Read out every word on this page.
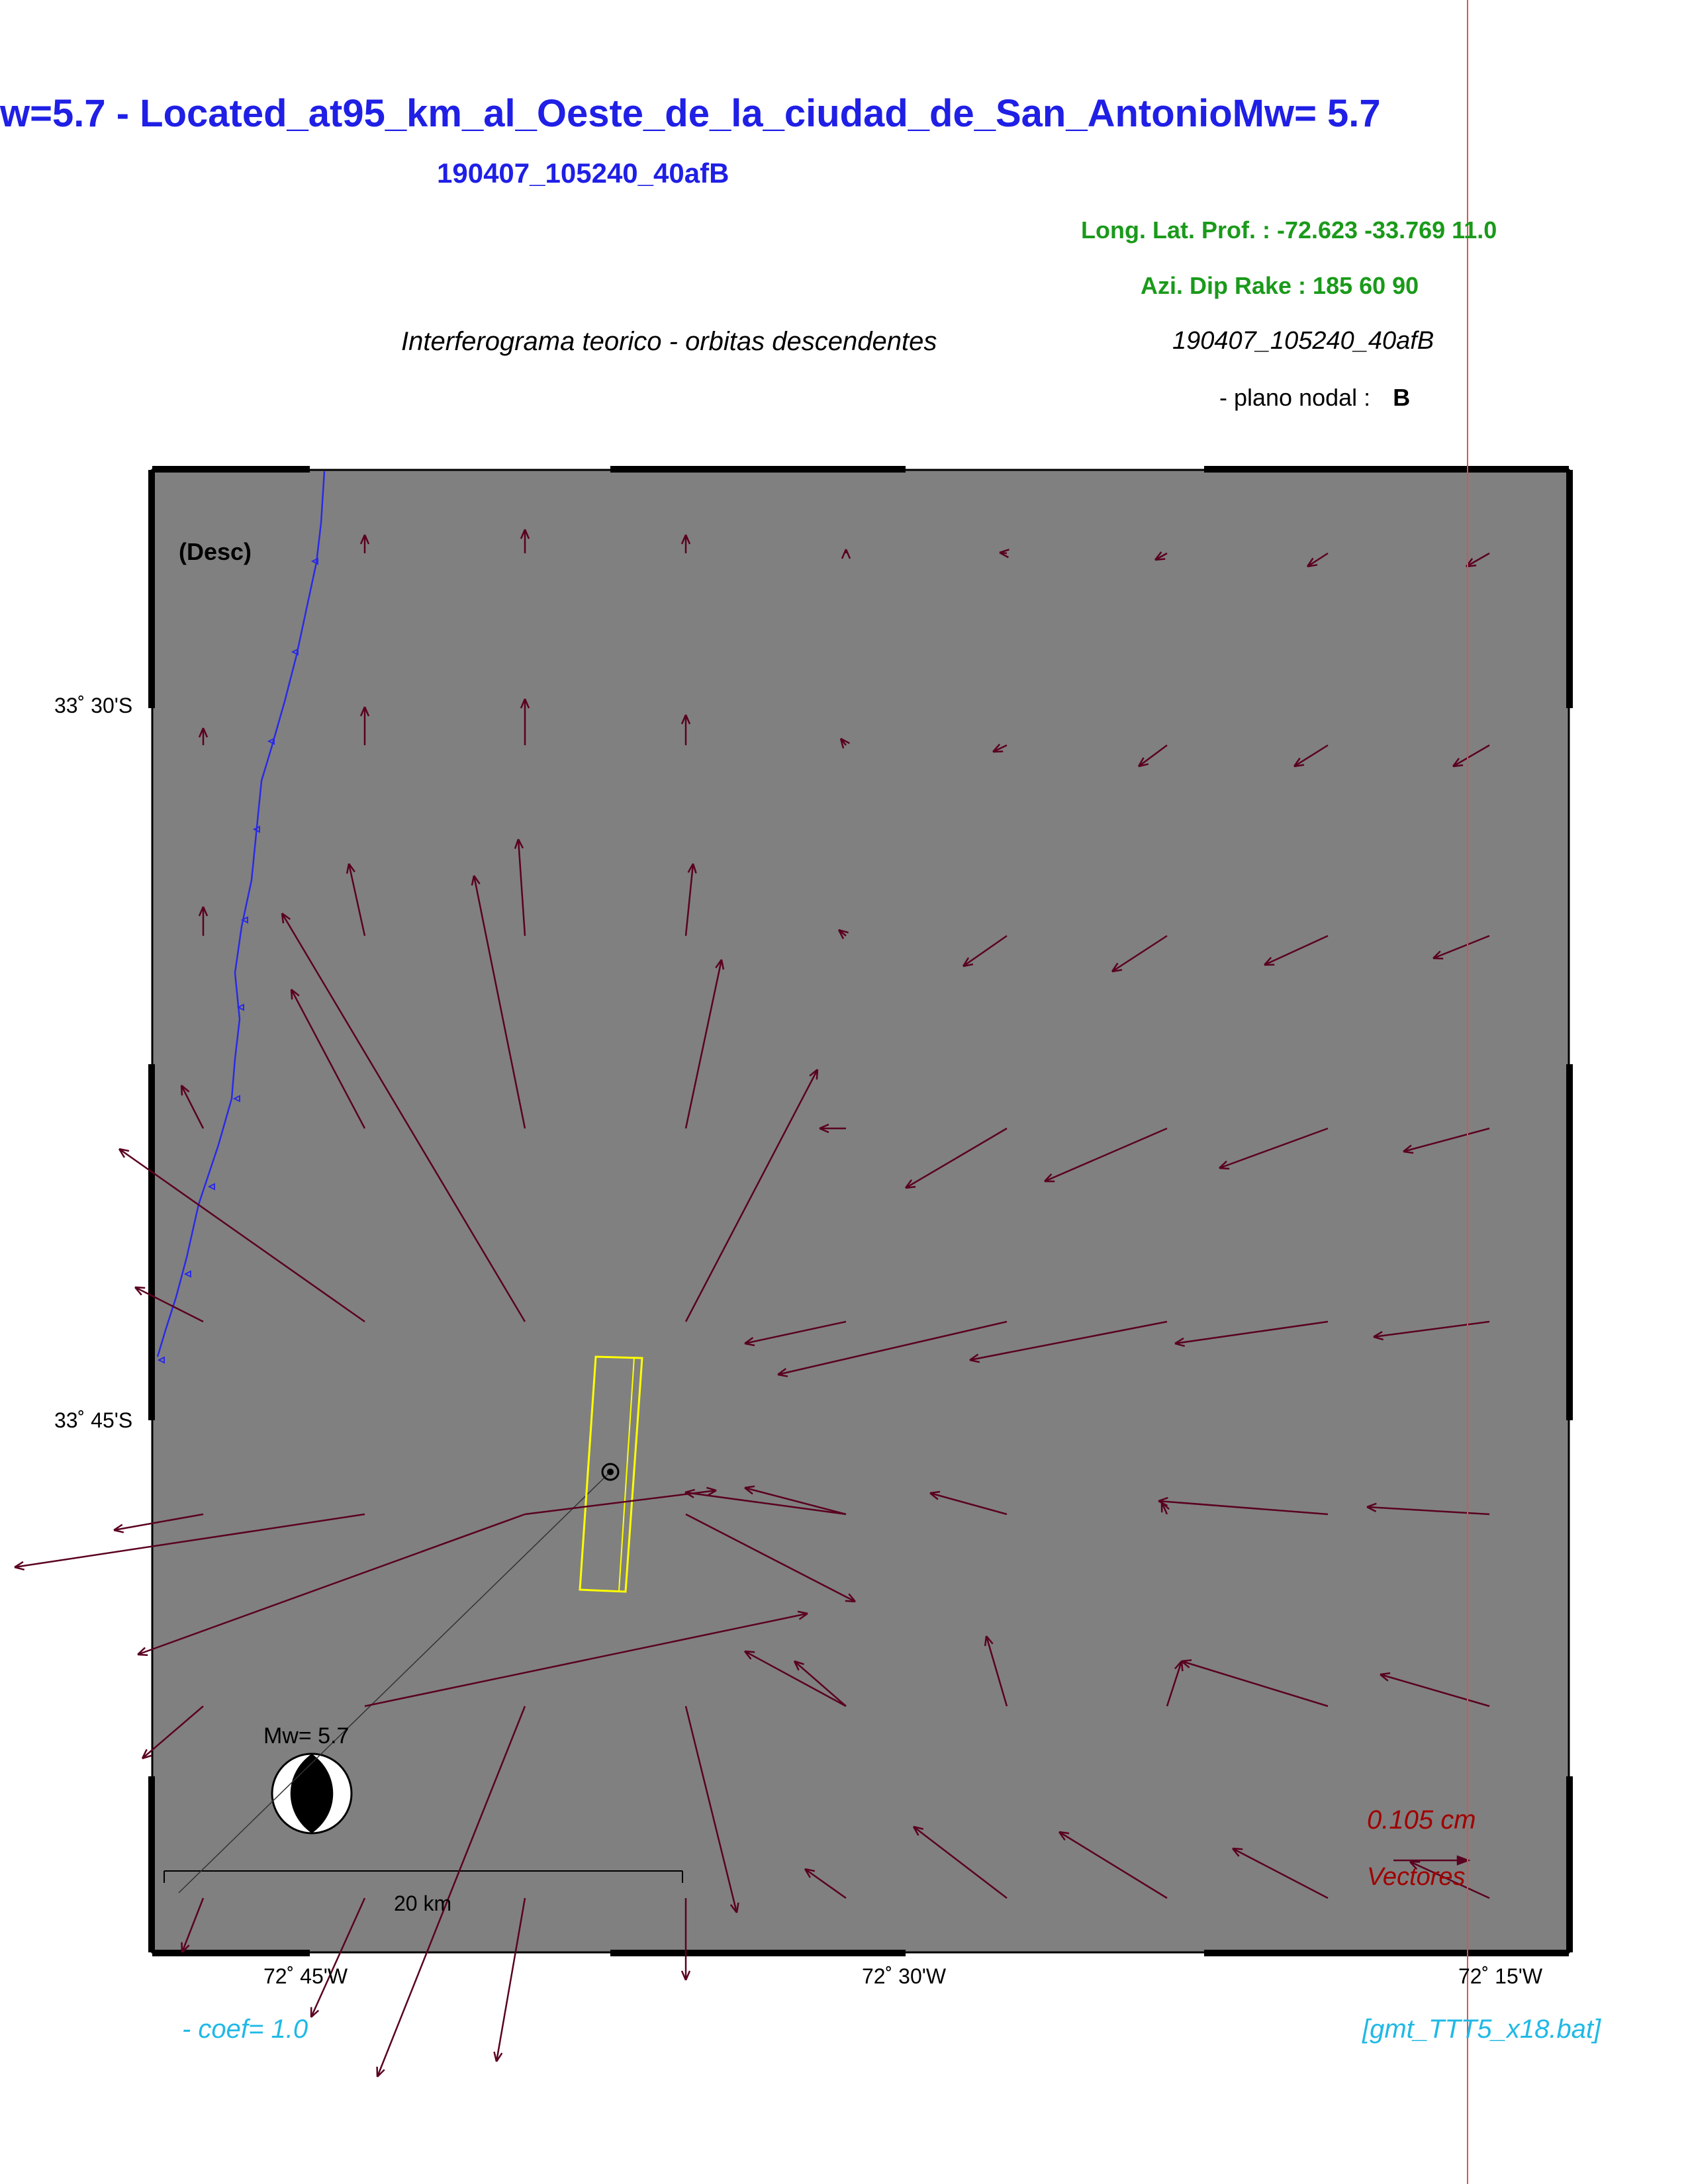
w=5.7 - Located_at95_km_al_Oeste_de_la_ciudad_de_San_AntonioMw= 5.7
190407_105240_40afB
Long. Lat. Prof. : -72.623 -33.769 11.0
Azi. Dip Rake : 185 60 90
Interferograma teorico - orbitas descendentes	190407_105240_40afB
- plano nodal : B
(Desc)
33˚ 30'S
33˚ 45'S
72˚ 45'W	72˚ 30'W	72˚ 15'W
Mw= 5.7
20 km
0.105 cm
Vectores
- coef= 1.0	[gmt_TTT5_x18.bat]
